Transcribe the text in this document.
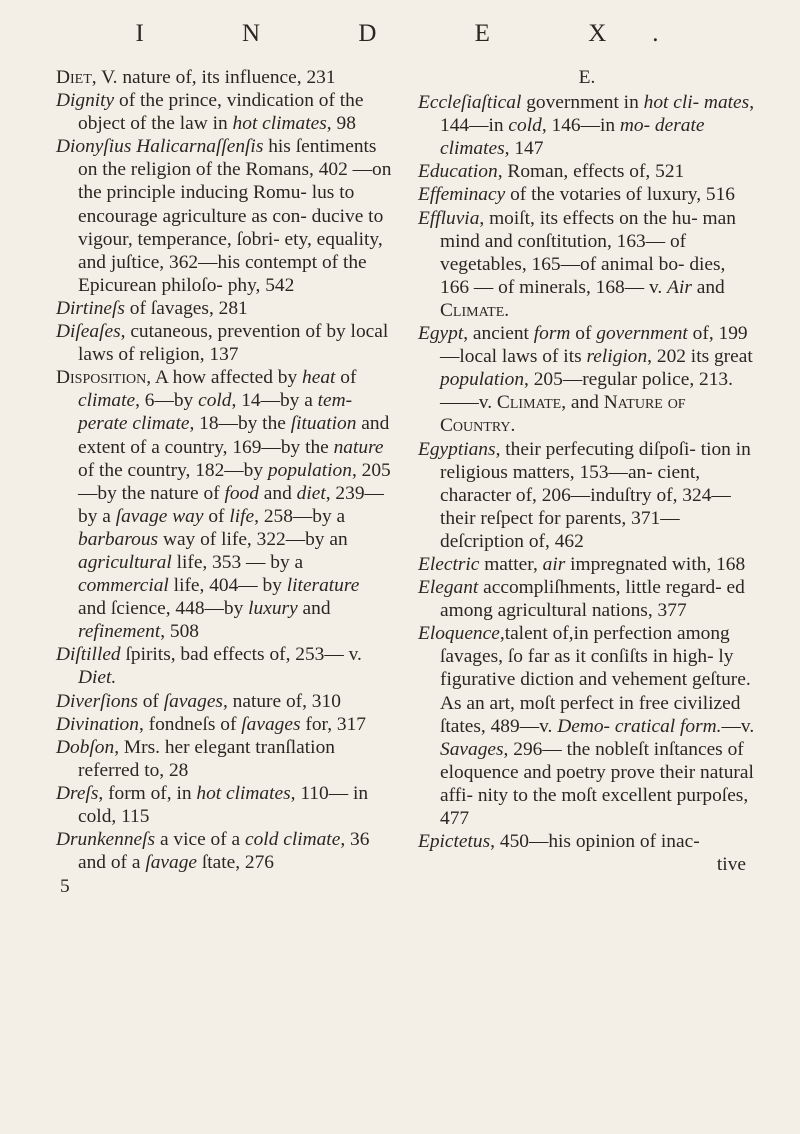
I N D E X.

Diet, V. nature of, its influence, 231

Dignity of the prince, vindication of the object of the law in hot climates, 98

Dionyſius Halicarnaſſenſis his ſentiments on the religion of the Romans, 402 —on the principle inducing Romu- lus to encourage agriculture as con- ducive to vigour, temperance, ſobri- ety, equality, and juſtice, 362—his contempt of the Epicurean philoſo- phy, 542

Dirtineſs of ſavages, 281

Diſeaſes, cutaneous, prevention of by local laws of religion, 137

Disposition, A how affected by heat of climate, 6—by cold, 14—by a tem- perate climate, 18—by the ſituation and extent of a country, 169—by the nature of the country, 182—by population, 205—by the nature of food and diet, 239—by a ſavage way of life, 258—by a barbarous way of life, 322—by an agricultural life, 353 — by a commercial life, 404— by literature and ſcience, 448—by luxury and refinement, 508

Diſtilled ſpirits, bad effects of, 253— v. Diet.

Diverſions of ſavages, nature of, 310

Divination, fondneſs of ſavages for, 317

Dobſon, Mrs. her elegant tranſlation referred to, 28

Dreſs, form of, in hot climates, 110— in cold, 115

Drunkenneſs a vice of a cold climate, 36 and of a ſavage ſtate, 276

5

E.

Eccleſiaſtical government in hot cli- mates, 144—in cold, 146—in mo- derate climates, 147

Education, Roman, effects of, 521

Effeminacy of the votaries of luxury, 516

Effluvia, moiſt, its effects on the hu- man mind and conſtitution, 163— of vegetables, 165—of animal bo- dies, 166 — of minerals, 168— v. Air and Climate.

Egypt, ancient form of government of, 199—local laws of its religion, 202 its great population, 205—regular police, 213.——v. Climate, and Nature of Country.

Egyptians, their perfecuting diſpoſi- tion in religious matters, 153—an- cient, character of, 206—induſtry of, 324—their reſpect for parents, 371—deſcription of, 462

Electric matter, air impregnated with, 168

Elegant accompliſhments, little regard- ed among agricultural nations, 377

Eloquence,talent of,in perfection among ſavages, ſo far as it conſiſts in high- ly figurative diction and vehement geſture. As an art, moſt perfect in free civilized ſtates, 489—v. Demo- cratical form.—v. Savages, 296— the nobleſt inſtances of eloquence and poetry prove their natural affi- nity to the moſt excellent purpoſes, 477

Epictetus, 450—his opinion of inac-

tive
